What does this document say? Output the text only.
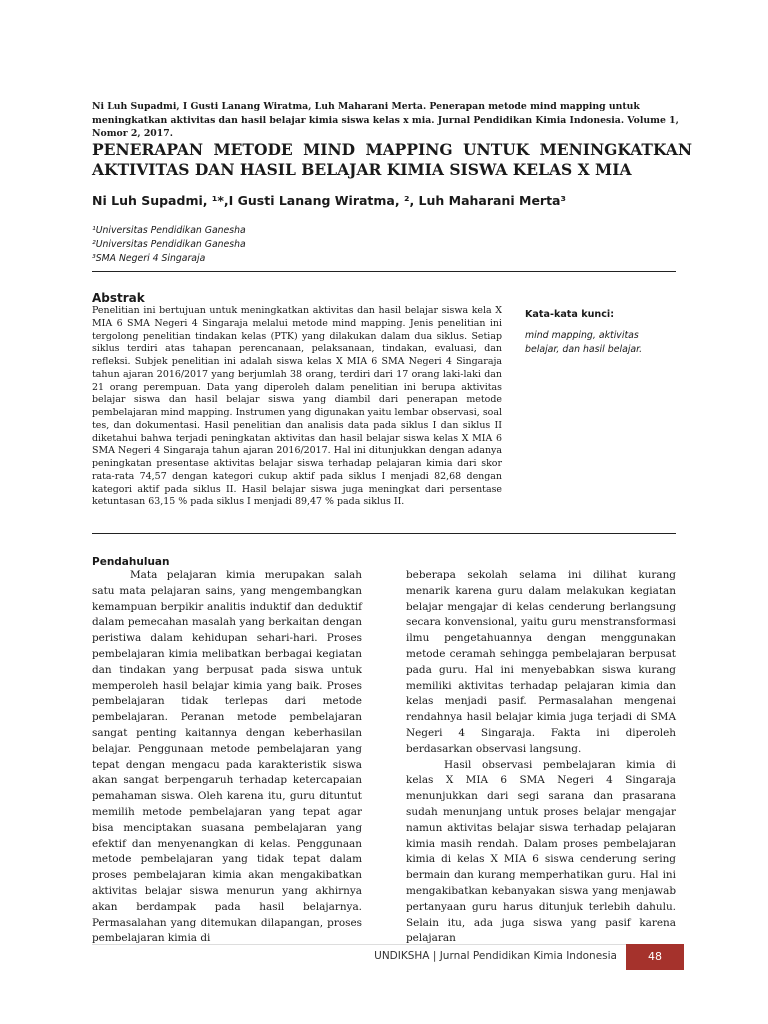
Ni Luh Supadmi, I Gusti Lanang Wiratma, Luh Maharani Merta. Penerapan metode mind mapping untuk meningkatkan aktivitas dan hasil belajar kimia siswa kelas x mia. Jurnal Pendidikan Kimia Indonesia. Volume 1, Nomor 2, 2017.
PENERAPAN METODE MIND MAPPING UNTUK MENINGKATKAN AKTIVITAS DAN HASIL BELAJAR KIMIA SISWA KELAS X MIA
Ni Luh Supadmi, ¹*,I Gusti Lanang Wiratma, ², Luh Maharani Merta³
¹Universitas Pendidikan Ganesha
²Universitas Pendidikan Ganesha
³SMA Negeri 4 Singaraja
Abstrak
Penelitian ini bertujuan untuk meningkatkan aktivitas dan hasil belajar siswa kela X MIA 6 SMA Negeri 4 Singaraja melalui metode mind mapping. Jenis penelitian ini tergolong penelitian tindakan kelas (PTK) yang dilakukan dalam dua siklus. Setiap siklus terdiri atas tahapan perencanaan, pelaksanaan, tindakan, evaluasi, dan refleksi. Subjek penelitian ini adalah siswa kelas X MIA 6 SMA Negeri 4 Singaraja tahun ajaran 2016/2017 yang berjumlah 38 orang, terdiri dari 17 orang laki-laki dan 21 orang perempuan. Data yang diperoleh dalam penelitian ini berupa aktivitas belajar siswa dan hasil belajar siswa yang diambil dari penerapan metode pembelajaran mind mapping. Instrumen yang digunakan yaitu lembar observasi, soal tes, dan dokumentasi. Hasil penelitian dan analisis data pada siklus I dan siklus II diketahui bahwa terjadi peningkatan aktivitas dan hasil belajar siswa kelas X MIA 6 SMA Negeri 4 Singaraja tahun ajaran 2016/2017. Hal ini ditunjukkan dengan adanya peningkatan presentase aktivitas belajar siswa terhadap pelajaran kimia dari skor rata-rata 74,57 dengan kategori cukup aktif pada siklus I menjadi 82,68 dengan kategori aktif pada siklus II. Hasil belajar siswa juga meningkat dari persentase ketuntasan 63,15 % pada siklus I menjadi 89,47 % pada siklus II.
Kata-kata kunci:
mind mapping, aktivitas belajar, dan hasil belajar.
Pendahuluan

Mata pelajaran kimia merupakan salah satu mata pelajaran sains, yang mengembangkan kemampuan berpikir analitis induktif dan deduktif dalam pemecahan masalah yang berkaitan dengan peristiwa dalam kehidupan sehari-hari. Proses pembelajaran kimia melibatkan berbagai kegiatan dan tindakan yang berpusat pada siswa untuk memperoleh hasil belajar kimia yang baik. Proses pembelajaran tidak terlepas dari metode pembelajaran. Peranan metode pembelajaran sangat penting kaitannya dengan keberhasilan belajar. Penggunaan metode pembelajaran yang tepat dengan mengacu pada karakteristik siswa akan sangat berpengaruh terhadap ketercapaian pemahaman siswa. Oleh karena itu, guru dituntut memilih metode pembelajaran yang tepat agar bisa menciptakan suasana pembelajaran yang efektif dan menyenangkan di kelas. Penggunaan metode pembelajaran yang tidak tepat dalam proses pembelajaran kimia akan mengakibatkan aktivitas belajar siswa menurun yang akhirnya akan berdampak pada hasil belajarnya. Permasalahan yang ditemukan dilapangan, proses pembelajaran kimia di

beberapa sekolah selama ini dilihat kurang menarik karena guru dalam melakukan kegiatan belajar mengajar di kelas cenderung berlangsung secara konvensional, yaitu guru menstransformasi ilmu pengetahuannya dengan menggunakan metode ceramah sehingga pembelajaran berpusat pada guru. Hal ini menyebabkan siswa kurang memiliki aktivitas terhadap pelajaran kimia dan kelas menjadi pasif. Permasalahan mengenai rendahnya hasil belajar kimia juga terjadi di SMA Negeri 4 Singaraja. Fakta ini diperoleh berdasarkan observasi langsung.

Hasil observasi pembelajaran kimia di kelas X MIA 6 SMA Negeri 4 Singaraja menunjukkan dari segi sarana dan prasarana sudah menunjang untuk proses belajar mengajar namun aktivitas belajar siswa terhadap pelajaran kimia masih rendah. Dalam proses pembelajaran kimia di kelas X MIA 6 siswa cenderung sering bermain dan kurang memperhatikan guru. Hal ini mengakibatkan kebanyakan siswa yang menjawab pertanyaan guru harus ditunjuk terlebih dahulu. Selain itu, ada juga siswa yang pasif karena pelajaran

UNDIKSHA | Jurnal Pendidikan Kimia Indonesia	48
